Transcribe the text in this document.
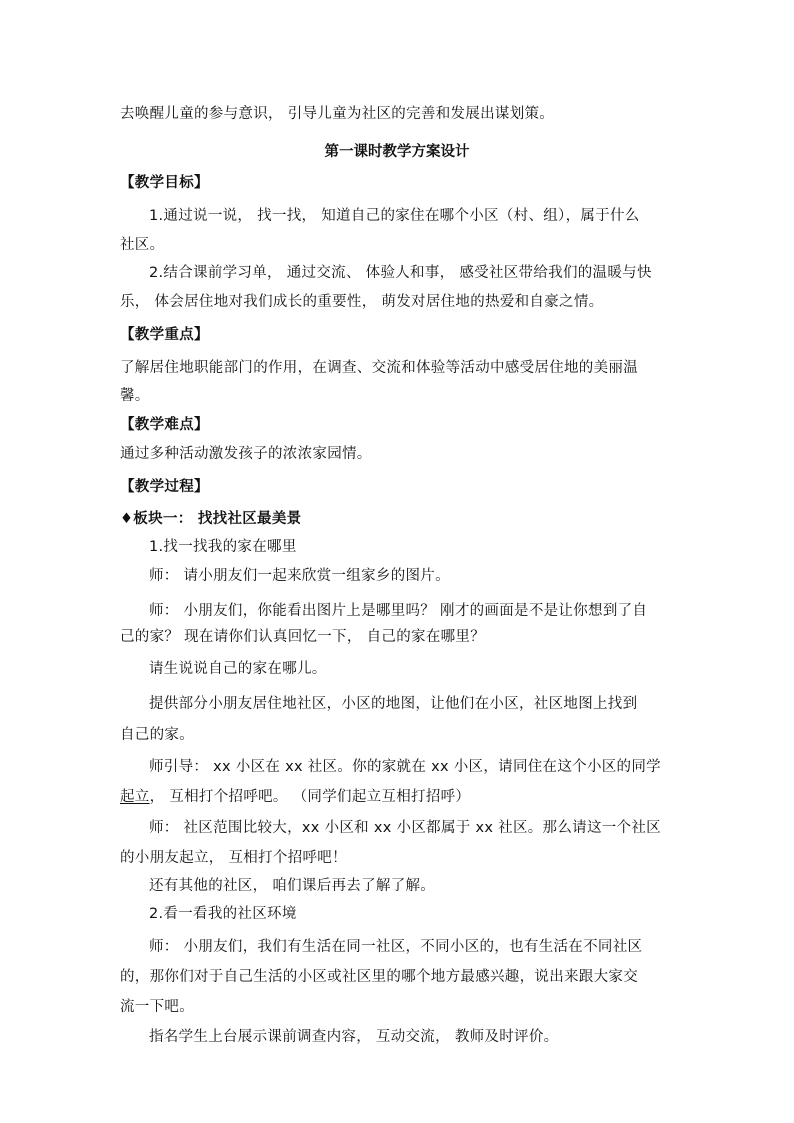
去唤醒儿童的参与意识， 引导儿童为社区的完善和发展出谋划策。
第一课时教学方案设计
【教学目标】
1.通过说一说， 找一找， 知道自己的家住在哪个小区（村、组），属于什么
社区。
2.结合课前学习单， 通过交流、 体验人和事， 感受社区带给我们的温暖与快
乐， 体会居住地对我们成长的重要性， 萌发对居住地的热爱和自豪之情。
【教学重点】
了解居住地职能部门的作用，在调查、交流和体验等活动中感受居住地的美丽温
馨。
【教学难点】
通过多种活动激发孩子的浓浓家园情。
【教学过程】
♦板块一： 找找社区最美景
1.找一找我的家在哪里
师： 请小朋友们一起来欣赏一组家乡的图片。
师： 小朋友们，你能看出图片上是哪里吗？ 刚才的画面是不是让你想到了自
己的家？ 现在请你们认真回忆一下， 自己的家在哪里？
请生说说自己的家在哪儿。
提供部分小朋友居住地社区，小区的地图，让他们在小区，社区地图上找到
自己的家。
师引导： xx 小区在 xx 社区。你的家就在 xx 小区，请同住在这个小区的同学
起立， 互相打个招呼吧。 （同学们起立互相打招呼）
师： 社区范围比较大，xx 小区和 xx 小区都属于 xx 社区。那么请这一个社区
的小朋友起立， 互相打个招呼吧！
还有其他的社区， 咱们课后再去了解了解。
2.看一看我的社区环境
师： 小朋友们，我们有生活在同一社区，不同小区的，也有生活在不同社区
的，那你们对于自己生活的小区或社区里的哪个地方最感兴趣，说出来跟大家交
流一下吧。
指名学生上台展示课前调查内容， 互动交流， 教师及时评价。
